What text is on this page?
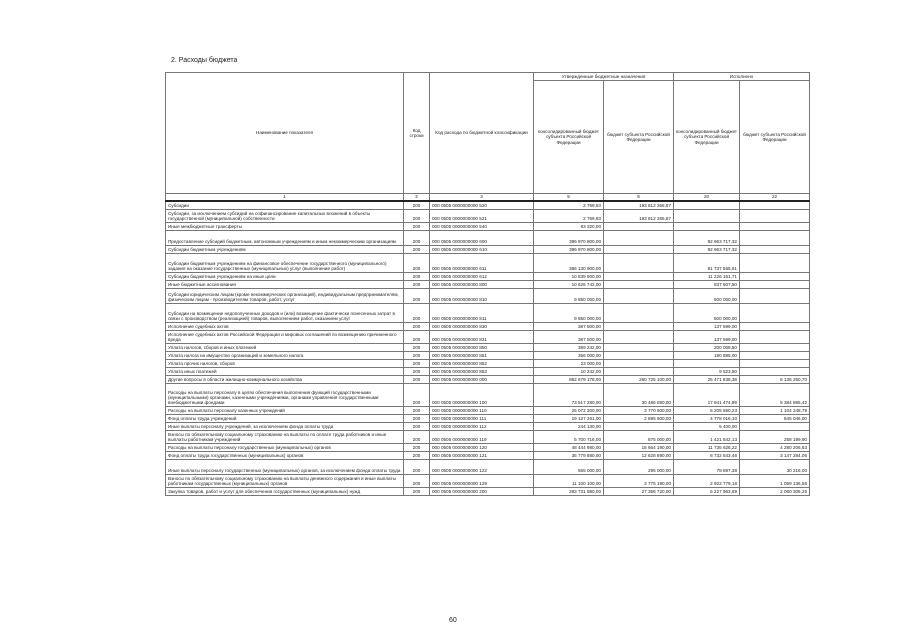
2. Расходы бюджета
Наименование показателя	Код строки	Код расхода по бюджетной классификации	Утвержденные бюджетные назначения		Исполнено	
			консолидированный бюджет субъекта Российской Федерации	бюджет субъекта Российской Федерации	консолидированный бюджет субъекта Российской Федерации	бюджет субъекта Российской Федерации
1	2	3	5	6	20	22
Субсидии	200	000 0505 0000000000 520	2 769,83	193 812 265,87		
Субсидии, за исключением субсидий на софинансирование капитальных вложений в объекты государственной (муниципальной) собственности	200	000 0505 0000000000 521	2 769,83	193 812 265,87		
Иные межбюджетные трансферты	200	000 0505 0000000000 540	63 320,00			
Предоставление субсидий бюджетным, автономным учреждениям и иным некоммерческим организациям	200	000 0505 0000000000 600	396 970 800,00		92 963 717,32	
Субсидии бюджетным учреждениям	200	000 0505 0000000000 610	396 970 800,00		92 963 717,32	
Субсидии бюджетным учреждениям на финансовое обеспечение государственного (муниципального) задания на оказание государственных (муниципальных) услуг (выполнение работ)	200	000 0505 0000000000 611	386 130 900,00		81 737 565,61	
Субсидии бюджетным учреждениям на иные цели	200	000 0505 0000000000 612	10 839 900,00		11 226 151,71	
Иные бюджетные ассигнования	200	000 0505 0000000000 800	10 626 742,00		837 607,50	
Субсидии юридическим лицам (кроме некоммерческих организаций), индивидуальным предпринимателям, физическим лицам - производителям товаров, работ, услуг	200	000 0505 0000000000 810	9 850 000,00		500 000,00	
Субсидии на возмещение недополученных доходов и (или) возмещение фактически понесенных затрат в связи с производством (реализацией) товаров, выполнением работ, оказанием услуг	200	000 0505 0000000000 811	9 850 000,00		500 000,00	
Исполнение судебных актов	200	000 0505 0000000000 830	387 500,00		137 599,00	
Исполнение судебных актов Российской Федерации и мировых соглашений по возмещению причиненного вреда	200	000 0505 0000000000 831	387 500,00		137 599,00	
Уплата налогов, сборов и иных платежей	200	000 0505 0000000000 850	389 242,00		200 008,50	
Уплата налога на имущество организаций и земельного налога	200	000 0505 0000000000 851	356 000,00		190 885,00	
Уплата прочих налогов, сборов	200	000 0505 0000000000 852	23 000,00			
Уплата иных платежей	200	000 0505 0000000000 853	10 242,00		9 523,50	
Другие вопросы в области жилищно-коммунального хозяйства	200	000 0505 0000000000 000	862 679 178,00	260 725 100,00	25 471 838,38	6 135 260,70
Расходы на выплаты персоналу в целях обеспечения выполнения функций государственными (муниципальными) органами, казенными учреждениями, органами управления государственными внебюджетными фондами	200	000 0505 0000000000 100	73 517 280,00	30 486 080,00	17 941 474,89	5 384 855,42
Расходы на выплаты персоналу казенных учреждений	200	000 0505 0000000000 110	25 072 300,00	3 770 600,00	6 205 550,23	1 104 248,79
Фонд оплаты труда учреждений	200	000 0505 0000000000 111	19 127 261,00	2 895 600,00	4 778 016,10	845 046,00
Иные выплаты персоналу учреждений, за исключением фонда оплаты труда	200	000 0505 0000000000 112	244 130,00		5 400,00	
Взносы по обязательному социальному страхованию на выплаты по оплате труда работников и иные выплаты работникам учреждений	200	000 0505 0000000000 119	5 700 716,00	875 000,00	1 421 642,13	258 199,90
Расходы на выплаты персоналу государственных (муниципальных) органов	200	000 0505 0000000000 120	48 444 980,00	16 664 190,00	11 735 626,22	4 280 206,63
Фонд оплаты труда государственных (муниципальных) органов	200	000 0505 0000000000 121	36 779 880,00	12 628 890,00	8 732 843,46	3 147 284,06
Иные выплаты персоналу государственных (муниципальных) органов, за исключением фонда оплаты труда	200	000 0505 0000000000 122	565 000,00	295 000,00	79 897,38	30 216,00
Взносы по обязательному социальному страхованию на выплаты денежного содержания и иные выплаты работникам государственных (муниципальных) органов	200	000 0505 0000000000 129	11 100 100,00	3 775 190,00	2 922 779,18	1 059 136,56
Закупка товаров, работ и услуг для обеспечения государственных (муниципальных) нужд	200	000 0505 0000000000 200	283 731 880,00	27 356 720,00	6 227 963,69	2 060 305,25
60
